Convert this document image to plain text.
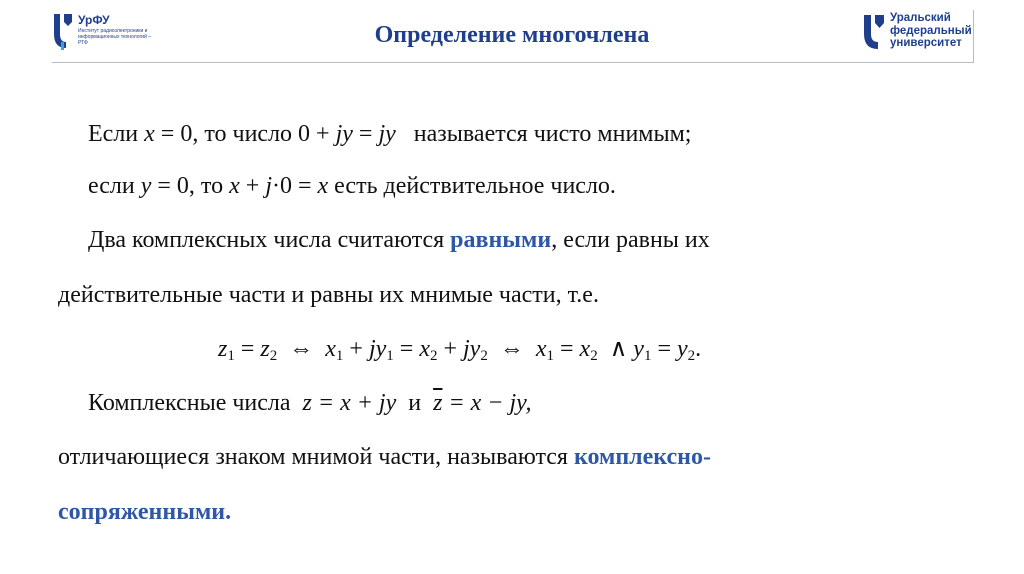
УрФУ
Институт радиоэлектроники и информационных технологий – РТФ	Определение многочлена
Уральский
федеральный
университет
Если x = 0, то число 0 + jy = jy   называется чисто мнимым;
если y = 0, то x + j·0 = x есть действительное число.
Два комплексных числа считаются равными, если равны их
действительные части и равны их мнимые части, т.е.
$z_1 = z_2$  ⇔  $x_1 + jy_1 = x_2 + jy_2$  ⇔  $x_1 = x_2$  ∧ $y_1 = y_2$.
Комплексные числа  z = x + jy  и  $\overline{z} = x$ − jy,
отличающиеся знаком мнимой части, называются комплексно-
сопряженными.
